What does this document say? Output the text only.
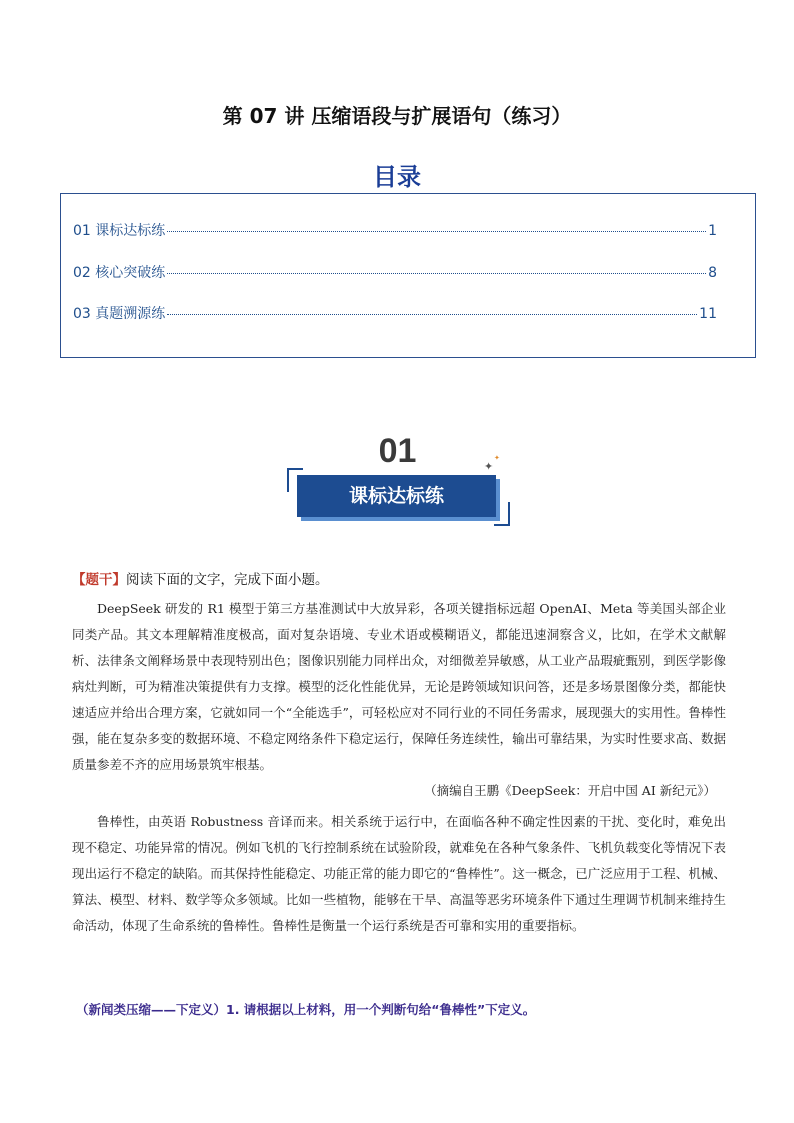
第 07 讲 压缩语段与扩展语句（练习）
目录
01 课标达标练	1
02 核心突破练	8
03 真题溯源练	11
01
课标达标练
✦
✦
【题干】阅读下面的文字，完成下面小题。

DeepSeek 研发的 R1 模型于第三方基准测试中大放异彩，各项关键指标远超 OpenAI、Meta 等美国头部企业同类产品。其文本理解精准度极高，面对复杂语境、专业术语或模糊语义，都能迅速洞察含义，比如，在学术文献解析、法律条文阐释场景中表现特别出色；图像识别能力同样出众，对细微差异敏感，从工业产品瑕疵甄别，到医学影像病灶判断，可为精准决策提供有力支撑。模型的泛化性能优异，无论是跨领域知识问答，还是多场景图像分类，都能快速适应并给出合理方案，它就如同一个“全能选手”，可轻松应对不同行业的不同任务需求，展现强大的实用性。鲁棒性强，能在复杂多变的数据环境、不稳定网络条件下稳定运行，保障任务连续性，输出可靠结果，为实时性要求高、数据质量参差不齐的应用场景筑牢根基。

（摘编自王鹏《DeepSeek：开启中国 AI 新纪元》）

鲁棒性，由英语 Robustness 音译而来。相关系统于运行中，在面临各种不确定性因素的干扰、变化时，难免出现不稳定、功能异常的情况。例如飞机的飞行控制系统在试验阶段，就难免在各种气象条件、飞机负载变化等情况下表现出运行不稳定的缺陷。而其保持性能稳定、功能正常的能力即它的“鲁棒性”。这一概念，已广泛应用于工程、机械、算法、模型、材料、数学等众多领域。比如一些植物，能够在干旱、高温等恶劣环境条件下通过生理调节机制来维持生命活动，体现了生命系统的鲁棒性。鲁棒性是衡量一个运行系统是否可靠和实用的重要指标。

（新闻类压缩——下定义）1. 请根据以上材料，用一个判断句给“鲁棒性”下定义。
